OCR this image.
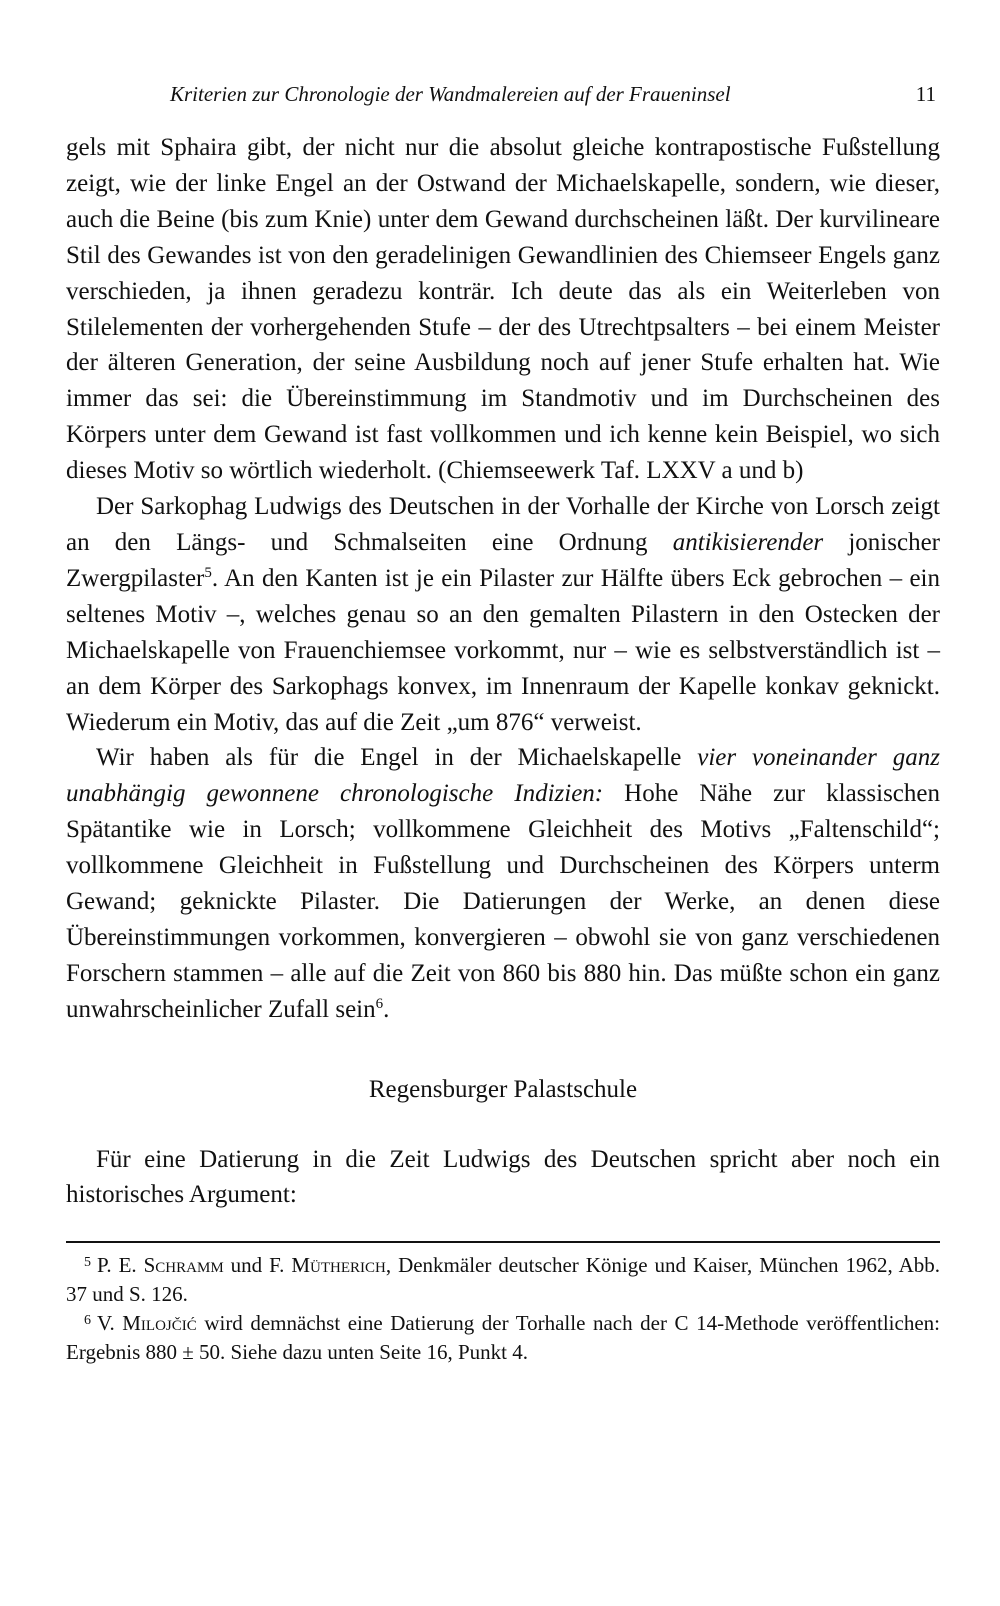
Kriterien zur Chronologie der Wandmalereien auf der Fraueninsel	11

gels mit Sphaira gibt, der nicht nur die absolut gleiche kontrapostische Fußstellung zeigt, wie der linke Engel an der Ostwand der Michaelskapelle, sondern, wie dieser, auch die Beine (bis zum Knie) unter dem Gewand durchscheinen läßt. Der kurvilineare Stil des Gewandes ist von den geradelinigen Gewandlinien des Chiemseer Engels ganz verschieden, ja ihnen geradezu konträr. Ich deute das als ein Weiterleben von Stilelementen der vorhergehenden Stufe – der des Utrechtpsalters – bei einem Meister der älteren Generation, der seine Ausbildung noch auf jener Stufe erhalten hat. Wie immer das sei: die Übereinstimmung im Standmotiv und im Durchscheinen des Körpers unter dem Gewand ist fast vollkommen und ich kenne kein Beispiel, wo sich dieses Motiv so wörtlich wiederholt. (Chiemseewerk Taf. LXXV a und b)

Der Sarkophag Ludwigs des Deutschen in der Vorhalle der Kirche von Lorsch zeigt an den Längs- und Schmalseiten eine Ordnung antikisierender jonischer Zwergpilaster$^5$. An den Kanten ist je ein Pilaster zur Hälfte übers Eck gebrochen – ein seltenes Motiv –, welches genau so an den gemalten Pilastern in den Ostecken der Michaelskapelle von Frauenchiemsee vorkommt, nur – wie es selbstverständlich ist – an dem Körper des Sarkophags konvex, im Innenraum der Kapelle konkav geknickt. Wiederum ein Motiv, das auf die Zeit „um 876“ verweist.

Wir haben als für die Engel in der Michaelskapelle vier voneinander ganz unabhängig gewonnene chronologische Indizien: Hohe Nähe zur klassischen Spätantike wie in Lorsch; vollkommene Gleichheit des Motivs „Faltenschild“; vollkommene Gleichheit in Fußstellung und Durchscheinen des Körpers unterm Gewand; geknickte Pilaster. Die Datierungen der Werke, an denen diese Übereinstimmungen vorkommen, konvergieren – obwohl sie von ganz verschiedenen Forschern stammen – alle auf die Zeit von 860 bis 880 hin. Das müßte schon ein ganz unwahrscheinlicher Zufall sein$^6$.

Regensburger Palastschule

Für eine Datierung in die Zeit Ludwigs des Deutschen spricht aber noch ein historisches Argument:

$^5$ P. E. Schramm und F. Mütherich, Denkmäler deutscher Könige und Kaiser, München 1962, Abb. 37 und S. 126.

$^6$ V. Milojčić wird demnächst eine Datierung der Torhalle nach der C 14-Methode veröffentlichen: Ergebnis 880 ± 50. Siehe dazu unten Seite 16, Punkt 4.
